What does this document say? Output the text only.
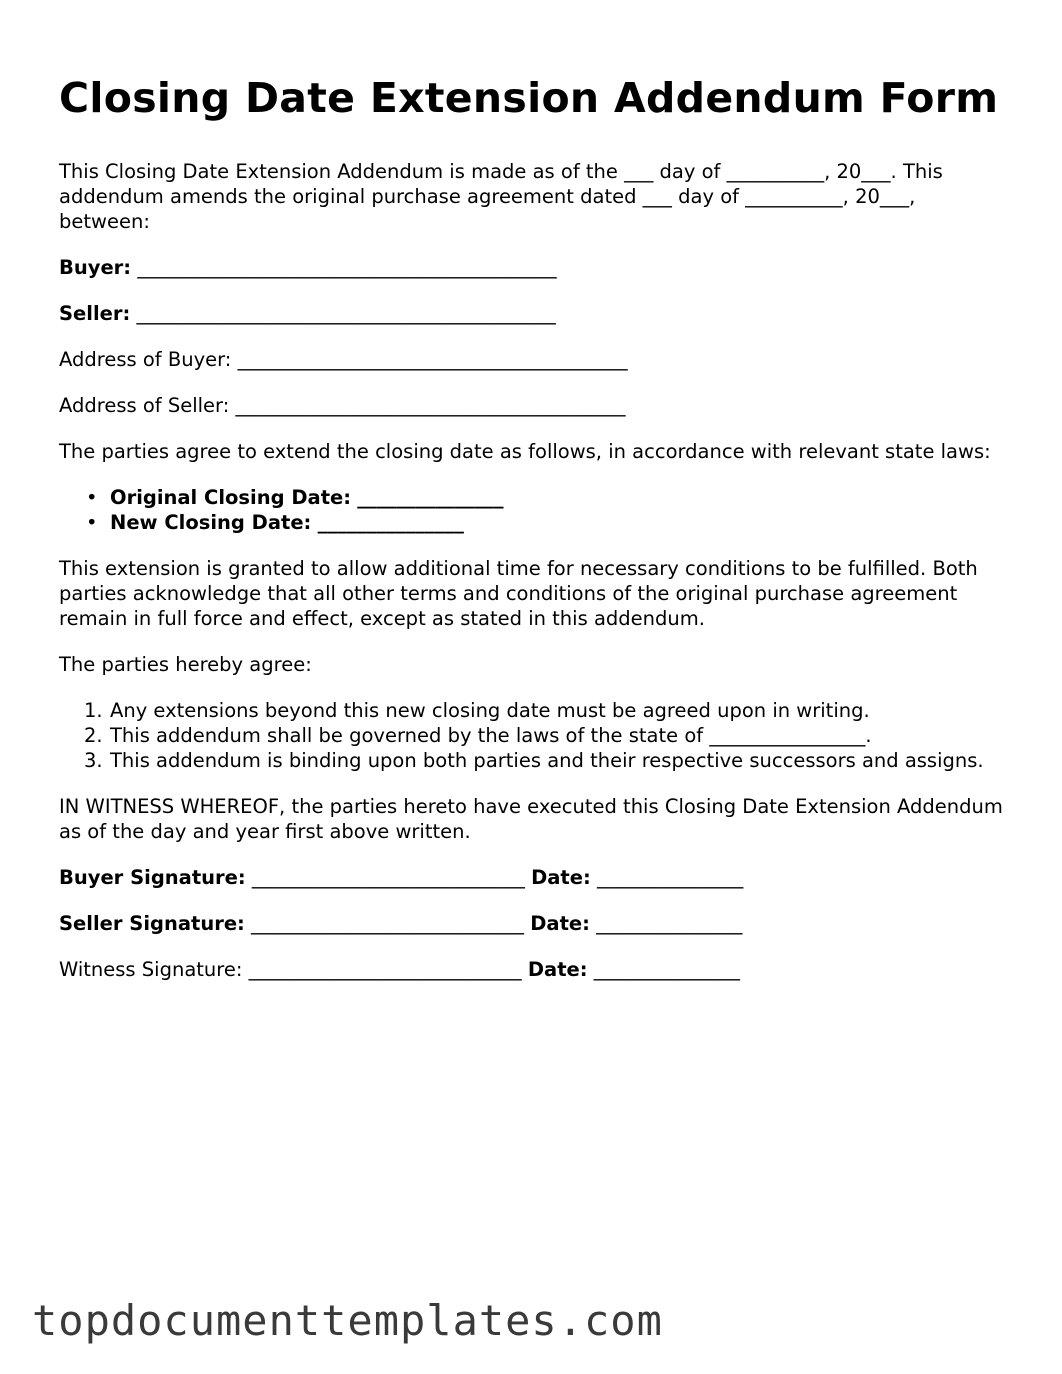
Closing Date Extension Addendum Form

This Closing Date Extension Addendum is made as of the ___ day of __________, 20___. This addendum amends the original purchase agreement dated ___ day of __________, 20___, between:

Buyer: ___________________________________________

Seller: ___________________________________________

Address of Buyer: ________________________________________

Address of Seller: ________________________________________

The parties agree to extend the closing date as follows, in accordance with relevant state laws:

• Original Closing Date: _______________
• New Closing Date: _______________

This extension is granted to allow additional time for necessary conditions to be fulfilled. Both parties acknowledge that all other terms and conditions of the original purchase agreement remain in full force and effect, except as stated in this addendum.

The parties hereby agree:

1. Any extensions beyond this new closing date must be agreed upon in writing.
2. This addendum shall be governed by the laws of the state of ________________.
3. This addendum is binding upon both parties and their respective successors and assigns.

IN WITNESS WHEREOF, the parties hereto have executed this Closing Date Extension Addendum as of the day and year first above written.

Buyer Signature: ____________________________ Date: _______________

Seller Signature: ____________________________ Date: _______________

Witness Signature: ____________________________ Date: _______________

topdocumenttemplates.com
